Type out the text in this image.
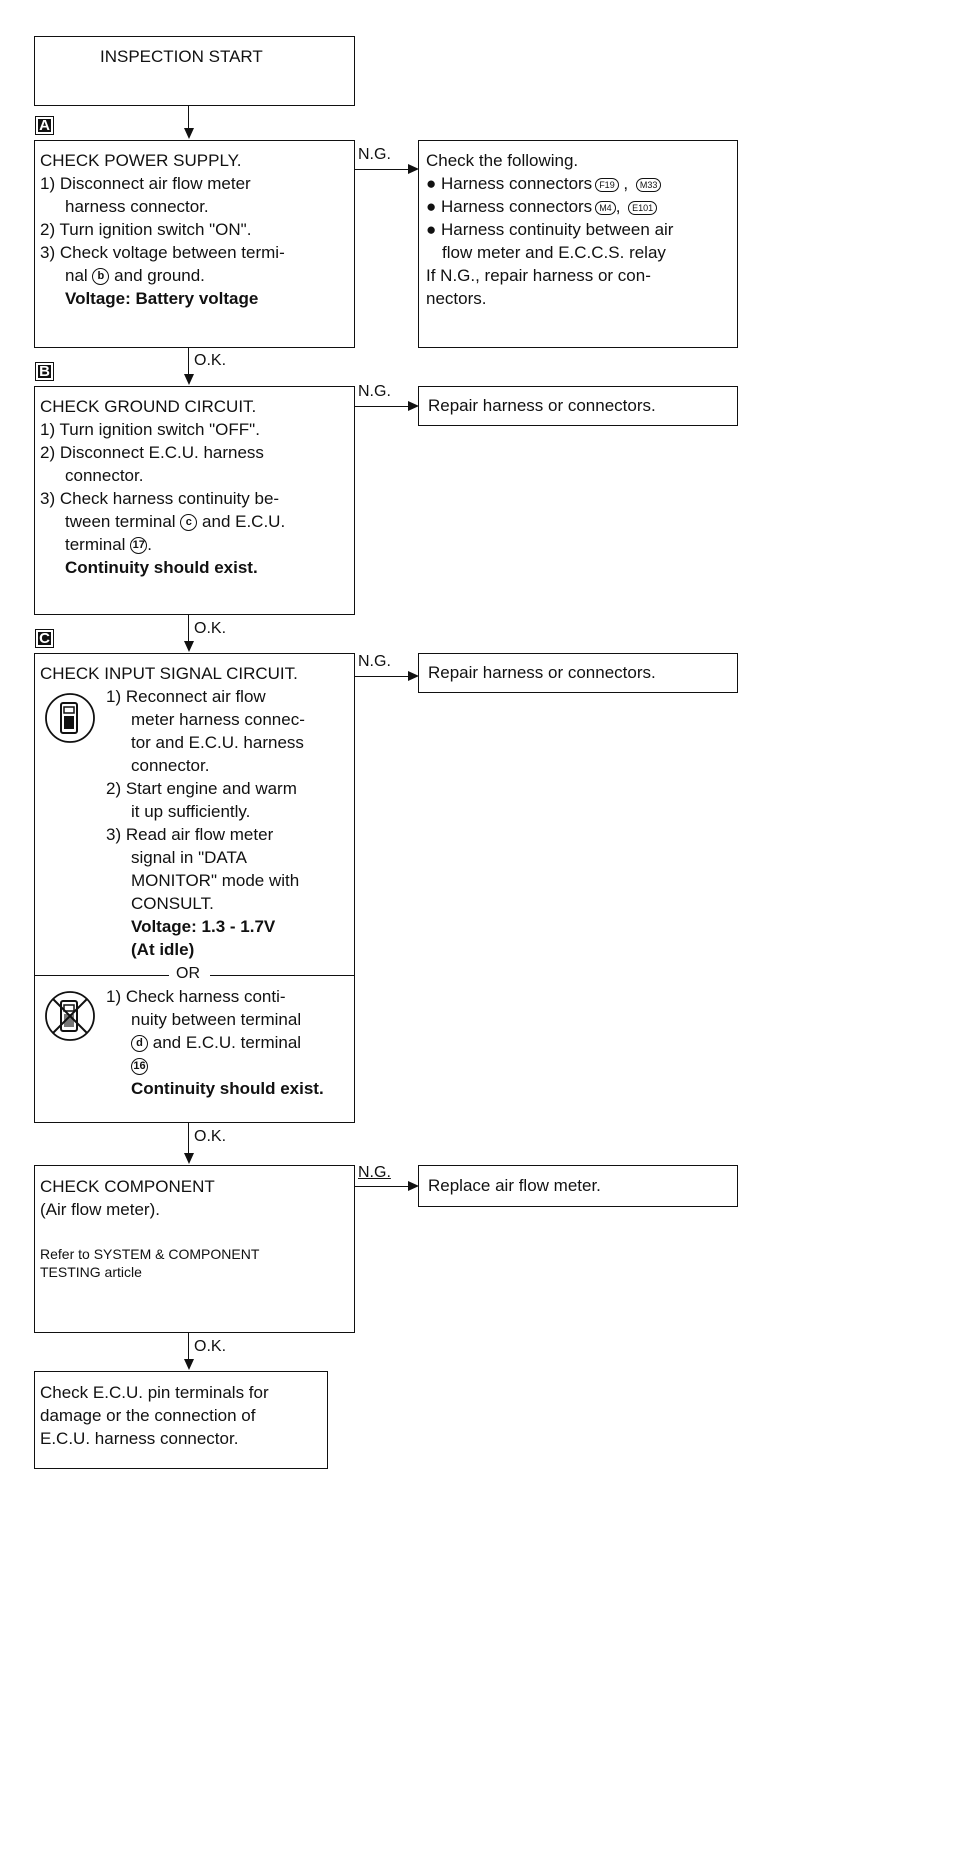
INSPECTION START
A
CHECK POWER SUPPLY.
1) Disconnect air flow meter
harness connector.
2) Turn ignition switch "ON".
3) Check voltage between termi-
nal b and ground.
Voltage: Battery voltage
N.G. Check the following.
● Harness connectors F19 , M33
● Harness connectors M4 , E101
● Harness continuity between air
flow meter and E.C.C.S. relay
If N.G., repair harness or con-
nectors.
O.K.
B
CHECK GROUND CIRCUIT.
1) Turn ignition switch "OFF".
2) Disconnect E.C.U. harness
connector.
3) Check harness continuity be-
tween terminal c and E.C.U.
terminal 17 .
Continuity should exist.
N.G.
Repair harness or connectors.
O.K.
C
CHECK INPUT SIGNAL CIRCUIT.
1) Reconnect air flow
meter harness connec-
tor and E.C.U. harness
connector.
2) Start engine and warm
it up sufficiently.
3) Read air flow meter
signal in "DATA
MONITOR" mode with
CONSULT.
Voltage: 1.3 - 1.7V
(At idle)
OR
1) Check harness conti-
nuity between terminal
d and E.C.U. terminal
16
Continuity should exist.
N.G.
Repair harness or connectors.
O.K.
CHECK COMPONENT
(Air flow meter).
Refer to SYSTEM & COMPONENT
TESTING article
N.G.
Replace air flow meter.
O.K.
Check E.C.U. pin terminals for
damage or the connection of
E.C.U. harness connector.
